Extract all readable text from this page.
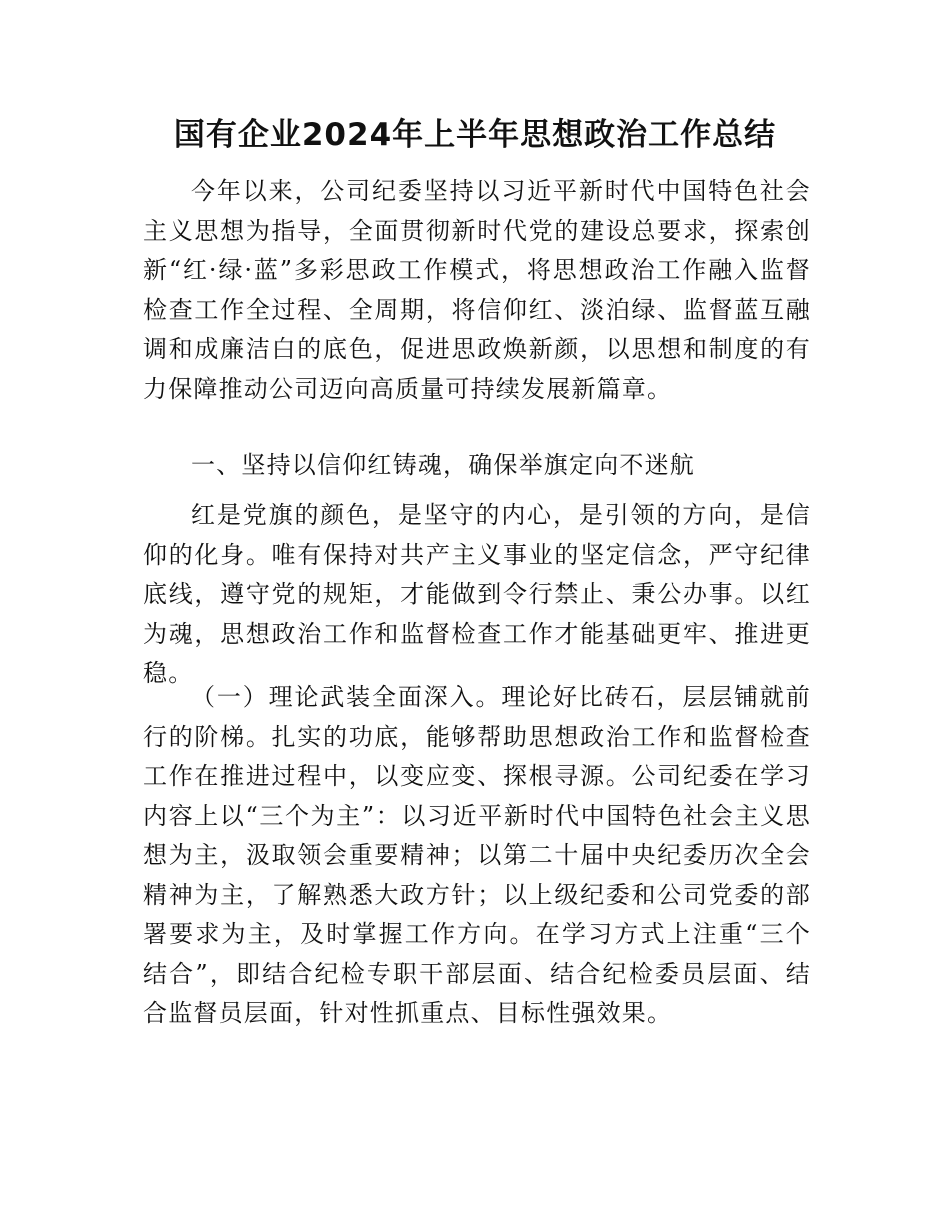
国有企业2024年上半年思想政治工作总结

今年以来，公司纪委坚持以习近平新时代中国特色社会主义思想为指导，全面贯彻新时代党的建设总要求，探索创新“红·绿·蓝”多彩思政工作模式，将思想政治工作融入监督检查工作全过程、全周期，将信仰红、淡泊绿、监督蓝互融调和成廉洁白的底色，促进思政焕新颜，以思想和制度的有力保障推动公司迈向高质量可持续发展新篇章。

一、坚持以信仰红铸魂，确保举旗定向不迷航

红是党旗的颜色，是坚守的内心，是引领的方向，是信仰的化身。唯有保持对共产主义事业的坚定信念，严守纪律底线，遵守党的规矩，才能做到令行禁止、秉公办事。以红为魂，思想政治工作和监督检查工作才能基础更牢、推进更稳。

（一）理论武装全面深入。理论好比砖石，层层铺就前行的阶梯。扎实的功底，能够帮助思想政治工作和监督检查工作在推进过程中，以变应变、探根寻源。公司纪委在学习内容上以“三个为主”：以习近平新时代中国特色社会主义思想为主，汲取领会重要精神；以第二十届中央纪委历次全会精神为主，了解熟悉大政方针；以上级纪委和公司党委的部署要求为主，及时掌握工作方向。在学习方式上注重“三个结合”，即结合纪检专职干部层面、结合纪检委员层面、结合监督员层面，针对性抓重点、目标性强效果。
